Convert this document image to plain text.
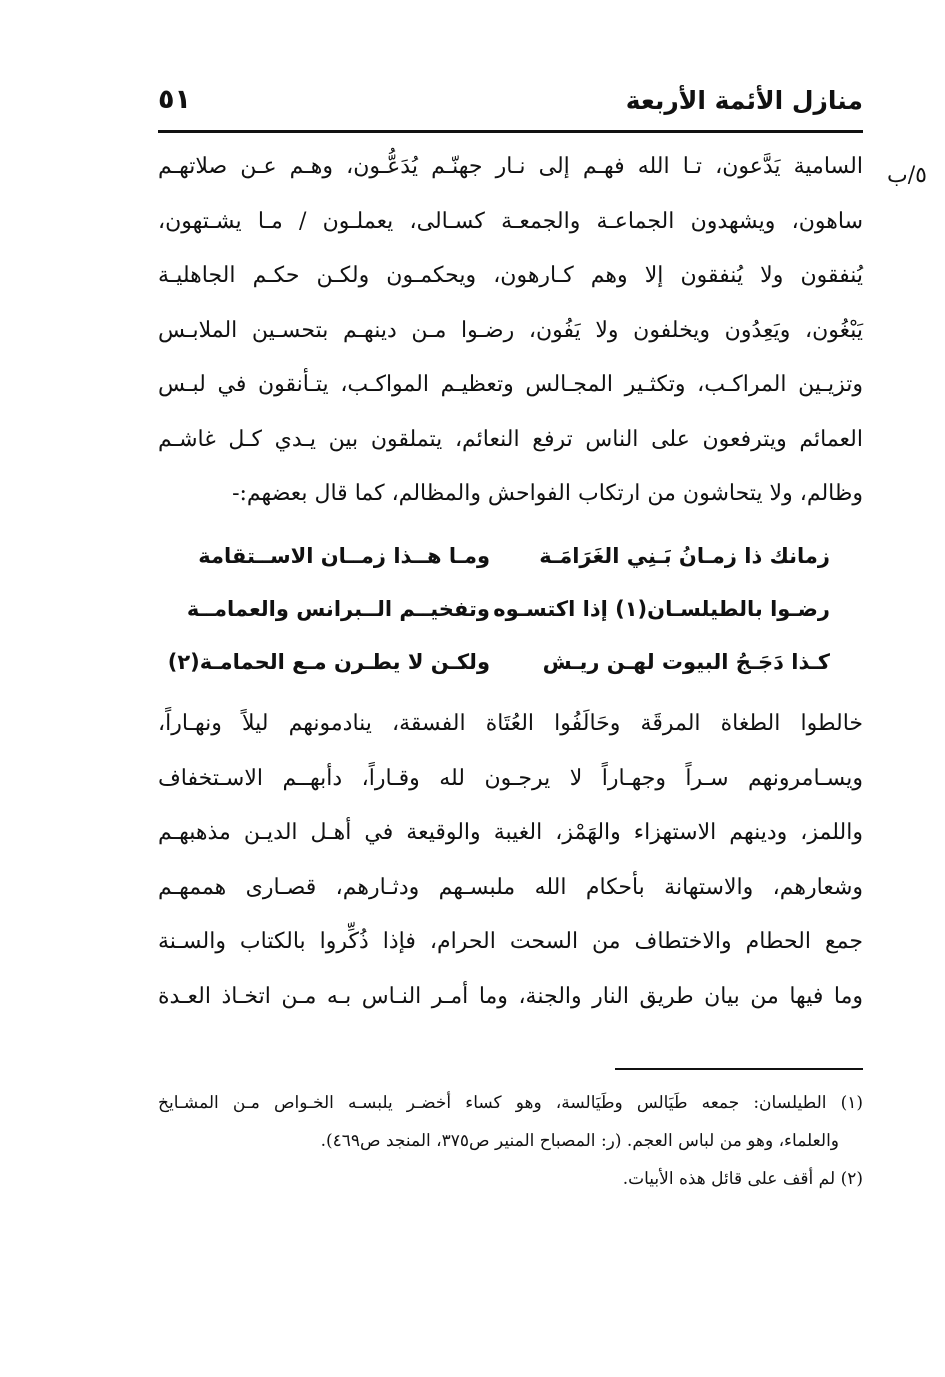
منازل الأئمة الأربعة
٥١
٥/ب
السامية يَدَّعون، تـا الله فهـم إلى نـار جهنّـم يُدَعُّـون، وهـم عـن صلاتهـم
ساهون، ويشهدون الجماعـة والجمعـة كسـالى، يعملـون / مـا يشـتهون،
يُنفقون ولا يُنفقون إلا وهم كـارهون، ويحكمـون ولكـن حكـم الجاهليـة
يَبْغُون، ويَعِدُون ويخلفون ولا يَفُون، رضـوا مـن دينهـم بتحسـين الملابـس
وتزيـين المراكـب، وتكثـير المجـالس وتعظيـم المواكـب، يتـأنقون في لبـس
العمائم ويترفعون على الناس ترفع النعائم، يتملقون بين يـدي كـل غاشـم
وظالم، ولا يتحاشون من ارتكاب الفواحش والمظالم، كما قال بعضهم:-
زمانك ذا زمـانُ بَـنِي الغَرَامَـة
ومـا هــذا زمــان الاســتقامة
رضـوا بالطيلسـان(١) إذا اكتسـوه
وتفخيــم الــبرانس والعمامــة
كـذا دَجَـجُ البيوت لهـن ريـش
ولكـن لا يطـرن مـع الحمامـة(٢)
خالطوا الطغاة المرقَة وحَالَفُوا العُتَاة الفسقة، ينادمونهم ليلاً ونهـاراً،
ويسـامرونهم سـراً وجهـاراً لا يرجـون لله وقـاراً، دأبهــم الاسـتخفاف
واللمز، ودينهم الاستهزاء والهَمْز، الغيبة والوقيعة في أهـل الديـن مذهبهـم
وشعارهم، والاستهانة بأحكام الله ملبسـهم ودثـارهم، قصـارى هممهـم
جمع الحطام والاختطاف من السحت الحرام، فإذا ذُكِّروا بالكتاب والسـنة
وما فيها من بيان طريق النار والجنة، وما أمـر النـاس بـه مـن اتخـاذ العـدة
(١) الطيلسان: جمعه طَيَالس وطَيَالسة، وهو كساء أخضـر يلبسـه الخـواص مـن المشـايخ
والعلماء، وهو من لباس العجم. (ر: المصباح المنير ص٣٧٥، المنجد ص٤٦٩).
(٢) لم أقف على قائل هذه الأبيات.
